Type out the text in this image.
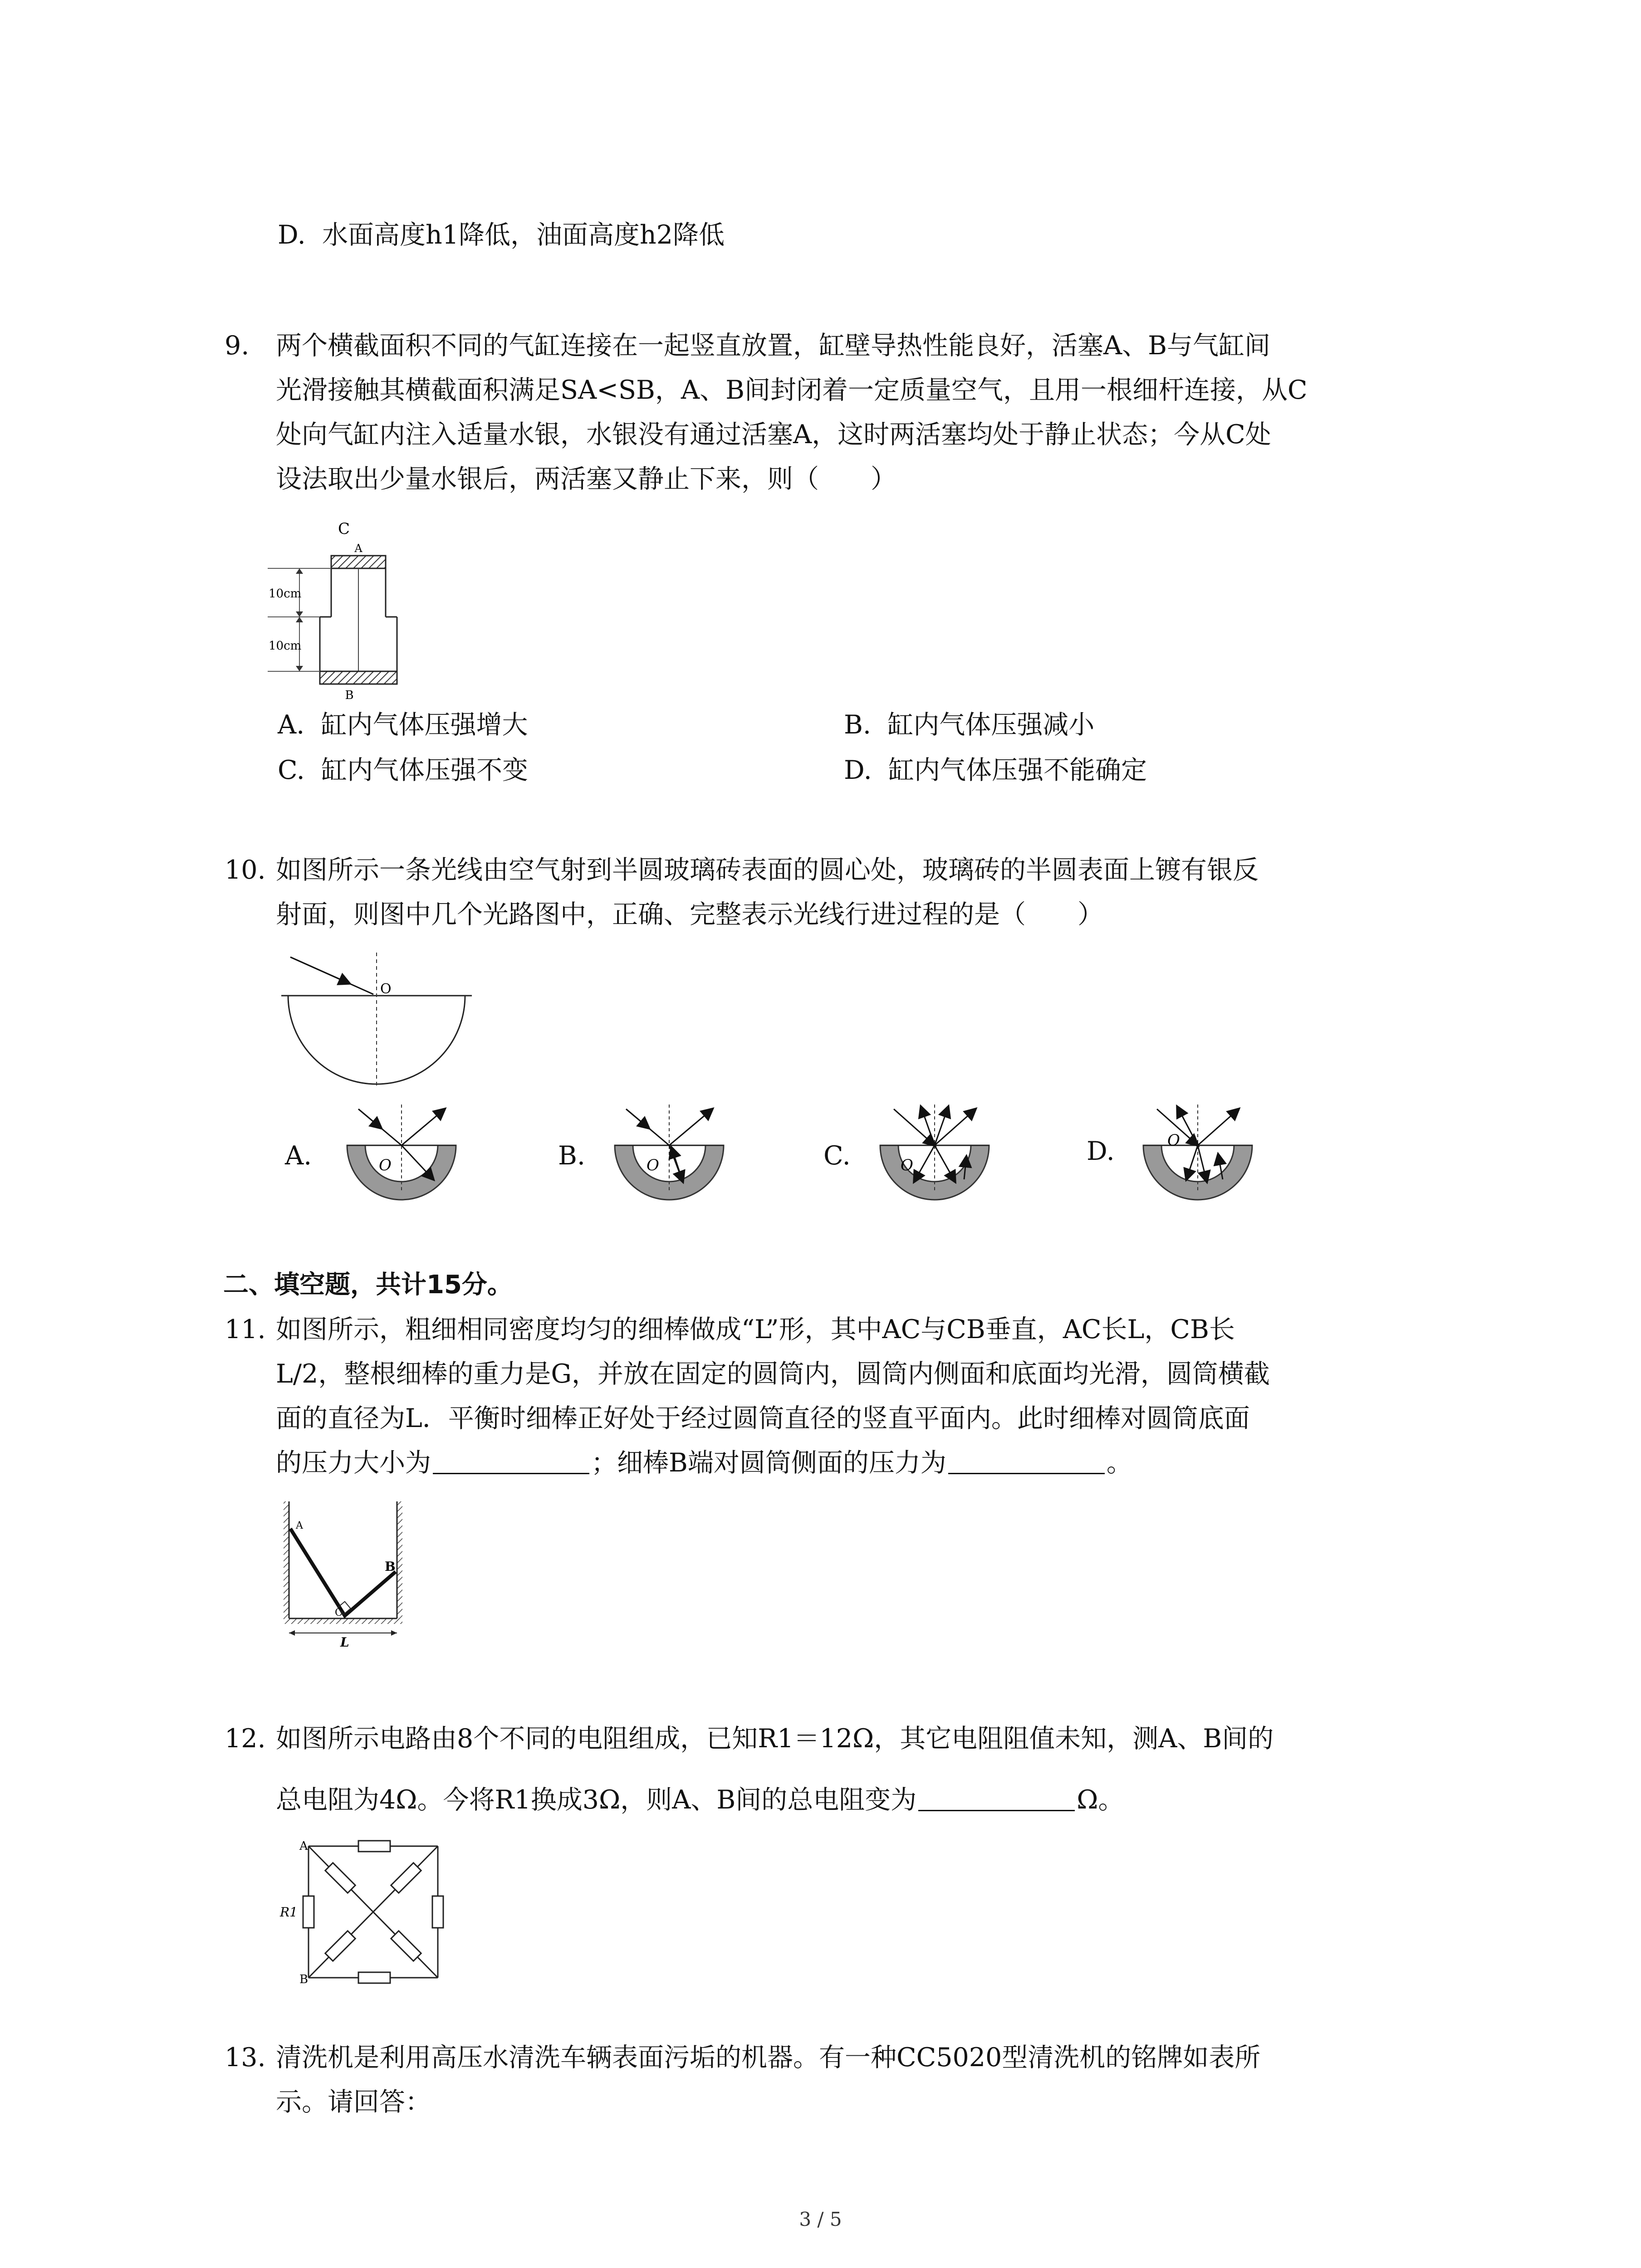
D. 水面高度h1降低，油面高度h2降低
9. 两个横截面积不同的气缸连接在一起竖直放置，缸壁导热性能良好，活塞A、B与气缸间
光滑接触其横截面积满足SA<SB，A、B间封闭着一定质量空气，且用一根细杆连接，从C
处向气缸内注入适量水银，水银没有通过活塞A，这时两活塞均处于静止状态；今从C处
设法取出少量水银后，两活塞又静止下来，则（　　）
C
A
B
10cm
10cm
A. 缸内气体压强增大	B. 缸内气体压强减小
C. 缸内气体压强不变	D. 缸内气体压强不能确定
10. 如图所示一条光线由空气射到半圆玻璃砖表面的圆心处，玻璃砖的半圆表面上镀有银反
射面，则图中几个光路图中，正确、完整表示光线行进过程的是（　　）
O
A.	O	B.	O	C.	O	D.	O
二、填空题，共计15分。
11. 如图所示，粗细相同密度均匀的细棒做成“L”形，其中AC与CB垂直，AC长L，CB长
L/2，整根细棒的重力是G，并放在固定的圆筒内，圆筒内侧面和底面均光滑，圆筒横截
面的直径为L．平衡时细棒正好处于经过圆筒直径的竖直平面内。此时细棒对圆筒底面
的压力大小为	；细棒B端对圆筒侧面的压力为	。
A
B
C
L
12. 如图所示电路由8个不同的电阻组成，已知R1＝12Ω，其它电阻阻值未知，测A、B间的
总电阻为4Ω。今将R1换成3Ω，则A、B间的总电阻变为	Ω。
A
B
R1
13. 清洗机是利用高压水清洗车辆表面污垢的机器。有一种CC5020型清洗机的铭牌如表所
示。请回答：
3 / 5
